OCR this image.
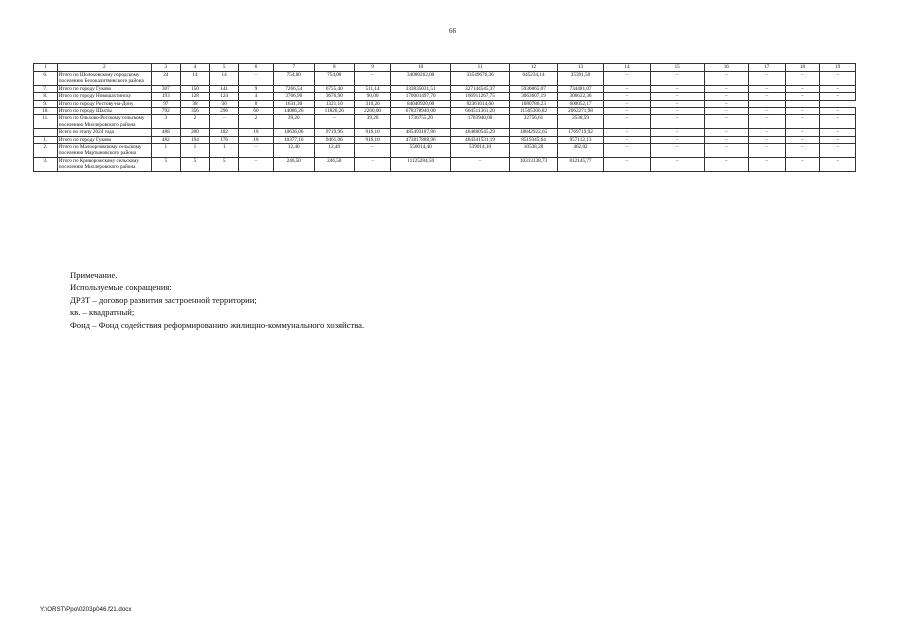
66
1	2	3	4	5	6	7	8	9	10	11	12	13	14	15	16	17	18	19
6.	Итого по Шолоховскому городскому поселению Белокалитвинского района	24	14	14	–	754,00	754,00	–	34080262,00	33549676,36	645234,14	35391,50	–	–	–	–	–	–
7.	Итого по городу Гуково	307	150	141	9	7266,54	6755,40	511,14	333835031,51	327144545,37	5936065,07	734481,07	–	–	–	–	–	–
8.	Итого по городу Новошахтинску	193	128	124	4	3766,90	3676,90	90,00	170001497,70	166911267,75	3063607,19	306622,36	–	–	–	–	–	–
9.	Итого по городу Ростову-на-Дону	97	38	30	8	1631,30	1321,10	310,20	84040920,00	82361014,60	1080786,23	600052,17	–	–	–			
10.	Итого по городу Шахты	792	356	296	60	14086,26	11826,26	2260,00	678378940,00	664511361,20	11505306,82	2062271,98	–	–	–	–	–	–
11.	Итого по Ольхово-Рогскому сельскому поселению Миллеровского района	3	2	–	2	39,20	–	39,20	1736755,20	1703940,00	32756,61	2538,59	–	–	–	–	–	–
	Всего по этапу 2024 года	488	200	182	18	10636,06	9719,96	916,10	485493187,86	464880545,29	18842922,65	1769719,92	–	–	–	–	–	–
1.	Итого по городу Гуково	482	194	176	18	10377,16	9461,06	916,10	473817888,96	464341531,19	8519345,64	957112,13	–	–	–	–	–	–
2.	Итого по Малоорловскому сельскому поселению Мартыновского района	1	1	1	–	12,40	12,40	–	550014,40	539014,10	10538,28	462,02	–	–	–	–	–	–
3.	Итого по Криворожскому сельскому поселению Миллеровского района	5	5	5	–	246,50	246,50	–	11125284,50	–	10313138,73	812145,77	–	–	–	–	–	–
Примечание.
Используемые сокращения:
ДРЗТ – договор развития застроенной территории;
кв. – квадратный;
Фонд – Фонд содействия реформированию жилищно-коммунального хозяйства.
Y:\ORST\Ppo\0203p046.f21.docx
